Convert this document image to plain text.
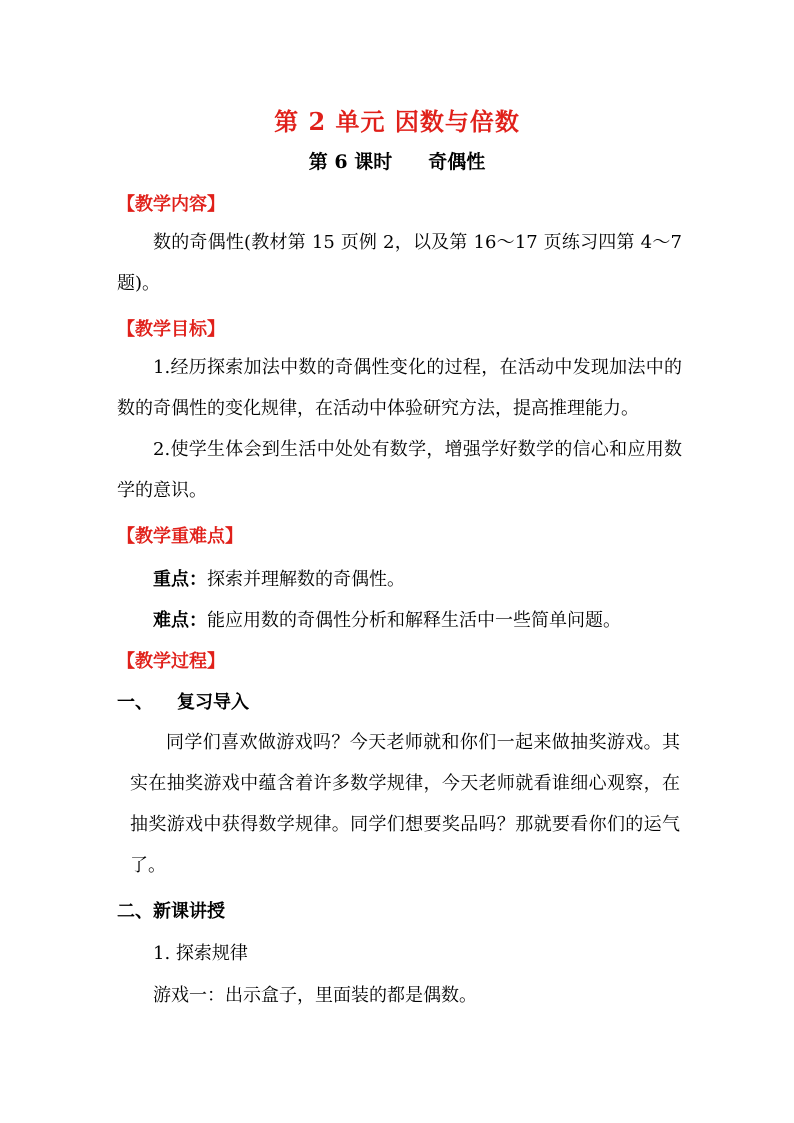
第 2 单元 因数与倍数
第 6 课时 奇偶性
【教学内容】

数的奇偶性(教材第 15 页例 2，以及第 16～17 页练习四第 4～7 题)。

【教学目标】

1.经历探索加法中数的奇偶性变化的过程，在活动中发现加法中的数的奇偶性的变化规律，在活动中体验研究方法，提高推理能力。

2.使学生体会到生活中处处有数学，增强学好数学的信心和应用数学的意识。

【教学重难点】
重点：探索并理解数的奇偶性。
难点：能应用数的奇偶性分析和解释生活中一些简单问题。
【教学过程】
一、 复习导入

同学们喜欢做游戏吗？今天老师就和你们一起来做抽奖游戏。其实在抽奖游戏中蕴含着许多数学规律，今天老师就看谁细心观察，在抽奖游戏中获得数学规律。同学们想要奖品吗？那就要看你们的运气了。

二、新课讲授
1. 探索规律
游戏一：出示盒子，里面装的都是偶数。
